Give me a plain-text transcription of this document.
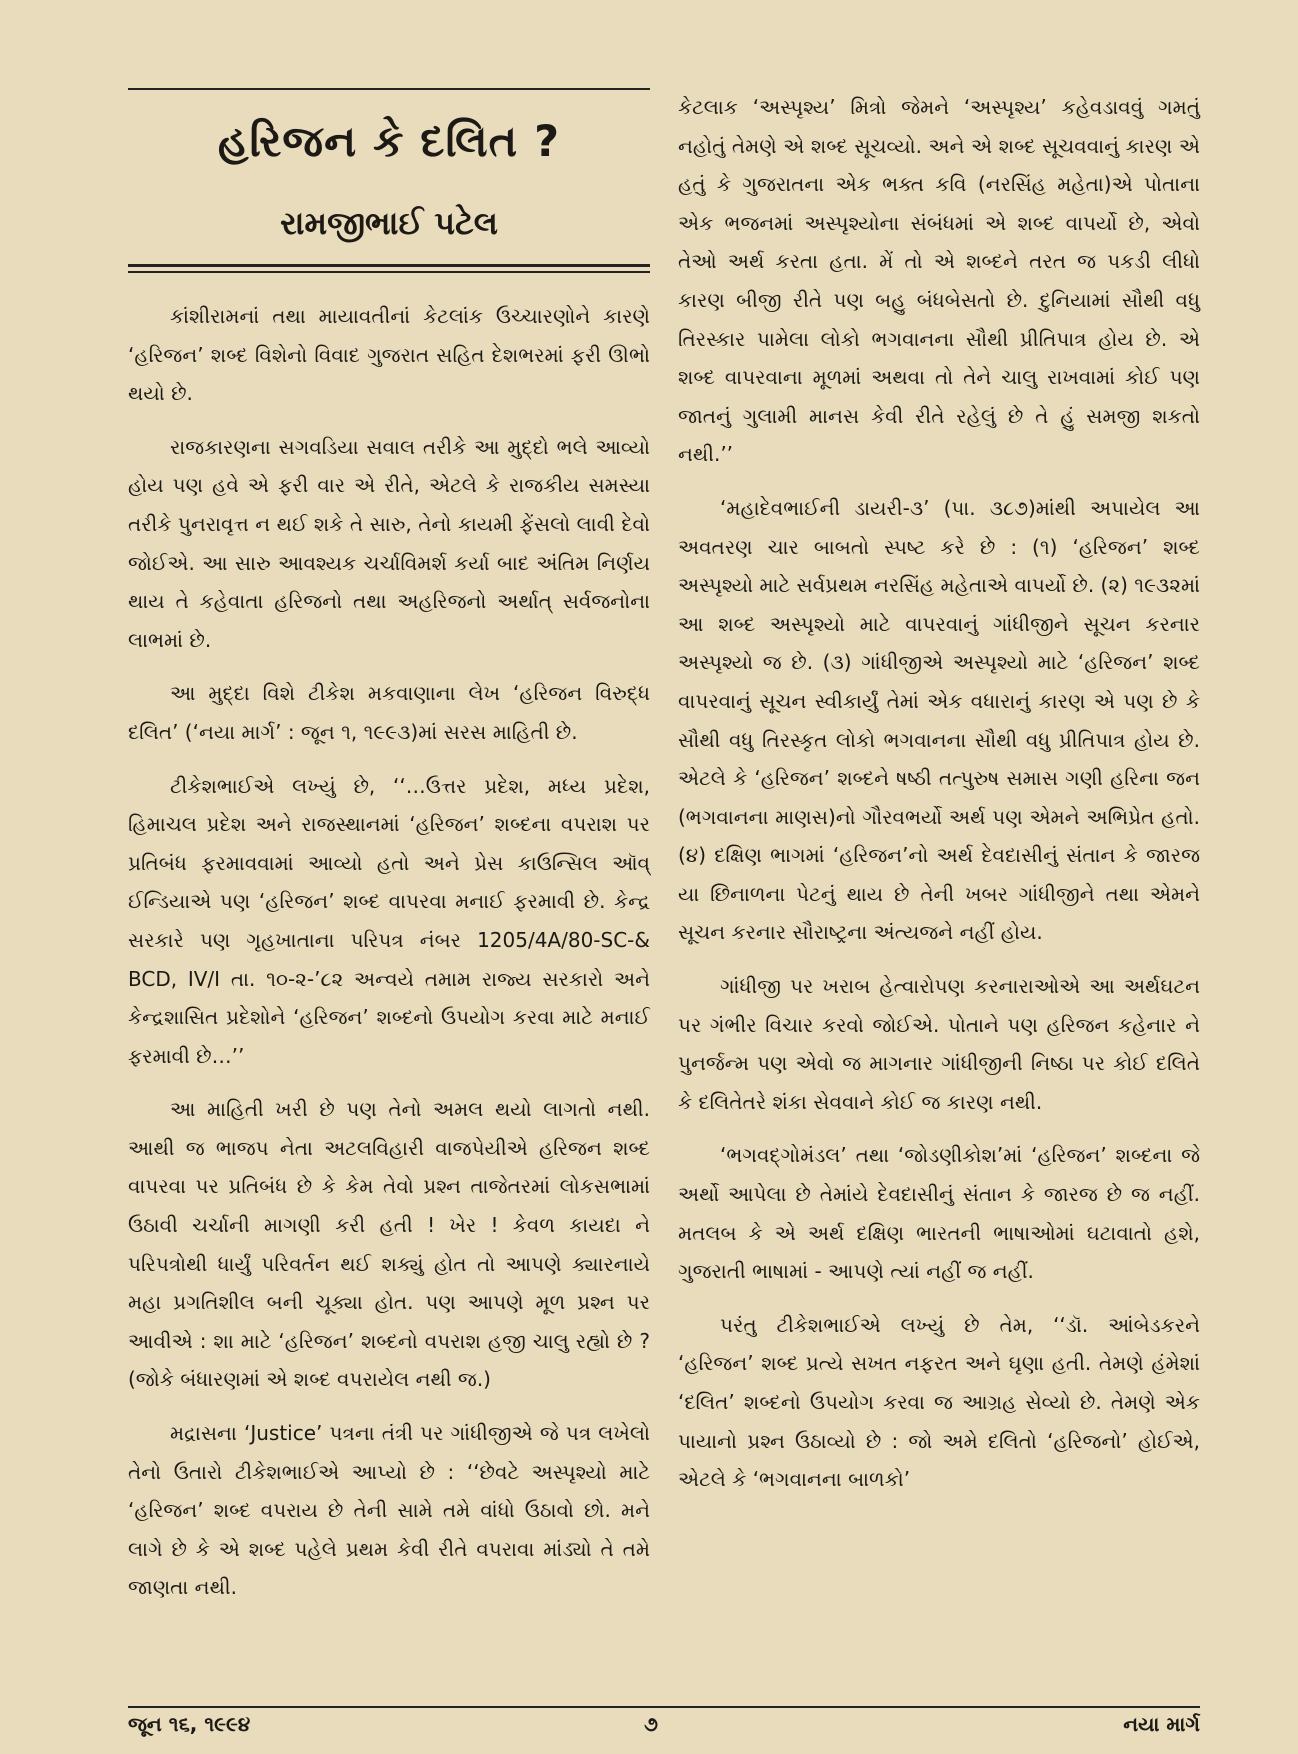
હરિજન કે દલિત ?
રામજીભાઈ પટેલ

કાંશીરામનાં તથા માયાવતીનાં કેટલાંક ઉચ્ચારણોને કારણે ‘હરિજન’ શબ્દ વિશેનો વિવાદ ગુજરાત સહિત દેશભરમાં ફરી ઊભો થયો છે.

રાજકારણના સગવડિયા સવાલ તરીકે આ મુદ્દો ભલે આવ્યો હોય પણ હવે એ ફરી વાર એ રીતે, એટલે કે રાજકીય સમસ્યા તરીકે પુનરાવૃત્ત ન થઈ શકે તે સારુ, તેનો કાયમી ફેંસલો લાવી દેવો જોઈએ. આ સારુ આવશ્યક ચર્ચાવિમર્શ કર્યા બાદ અંતિમ નિર્ણય થાય તે કહેવાતા હરિજનો તથા અહરિજનો અર્થાત્ સર્વજનોના લાભમાં છે.

આ મુદ્દા વિશે ટીકેશ મકવાણાના લેખ ‘હરિજન વિરુદ્ધ દલિત’ (‘નયા માર્ગ’ : જૂન ૧, ૧૯૯૩)માં સરસ માહિતી છે.

ટીકેશભાઈએ લખ્યું છે, ‘‘…ઉત્તર પ્રદેશ, મધ્ય પ્રદેશ, હિમાચલ પ્રદેશ અને રાજસ્થાનમાં ‘હરિજન’ શબ્દના વપરાશ પર પ્રતિબંધ ફરમાવવામાં આવ્યો હતો અને પ્રેસ કાઉન્સિલ ઑવ્ ઈન્ડિયાએ પણ ‘હરિજન’ શબ્દ વાપરવા મનાઈ ફરમાવી છે. કેન્દ્ર સરકારે પણ ગૃહખાતાના પરિપત્ર નંબર 1205/4A/80-SC-& BCD, IV/I તા. ૧૦-૨-’૮૨ અન્વયે તમામ રાજ્ય સરકારો અને કેન્દ્રશાસિત પ્રદેશોને ‘હરિજન’ શબ્દનો ઉપયોગ કરવા માટે મનાઈ ફરમાવી છે…’’

આ માહિતી ખરી છે પણ તેનો અમલ થયો લાગતો નથી. આથી જ ભાજપ નેતા અટલવિહારી વાજપેયીએ હરિજન શબ્દ વાપરવા પર પ્રતિબંધ છે કે કેમ તેવો પ્રશ્ન તાજેતરમાં લોકસભામાં ઉઠાવી ચર્ચાની માગણી કરી હતી ! ખેર ! કેવળ કાયદા ને પરિપત્રોથી ધાર્યું પરિવર્તન થઈ શક્યું હોત તો આપણે ક્યારનાયે મહા પ્રગતિશીલ બની ચૂક્યા હોત. પણ આપણે મૂળ પ્રશ્ન પર આવીએ : શા માટે ‘હરિજન’ શબ્દનો વપરાશ હજી ચાલુ રહ્યો છે ? (જોકે બંધારણમાં એ શબ્દ વપરાયેલ નથી જ.)

મદ્રાસના ‘Justice’ પત્રના તંત્રી પર ગાંધીજીએ જે પત્ર લખેલો તેનો ઉતારો ટીકેશભાઈએ આપ્યો છે : ‘‘છેવટે અસ્પૃશ્યો માટે ‘હરિજન’ શબ્દ વપરાય છે તેની સામે તમે વાંધો ઉઠાવો છો. મને લાગે છે કે એ શબ્દ પહેલે પ્રથમ કેવી રીતે વપરાવા માંડ્યો તે તમે જાણતા નથી.

કેટલાક ‘અસ્પૃશ્ય’ મિત્રો જેમને ‘અસ્પૃશ્ય’ કહેવડાવવું ગમતું નહોતું તેમણે એ શબ્દ સૂચવ્યો. અને એ શબ્દ સૂચવવાનું કારણ એ હતું કે ગુજરાતના એક ભક્ત કવિ (નરસિંહ મહેતા)એ પોતાના એક ભજનમાં અસ્પૃશ્યોના સંબંધમાં એ શબ્દ વાપર્યો છે, એવો તેઓ અર્થ કરતા હતા. મેં તો એ શબ્દને તરત જ પકડી લીધો કારણ બીજી રીતે પણ બહુ બંધબેસતો છે. દુનિયામાં સૌથી વધુ તિરસ્કાર પામેલા લોકો ભગવાનના સૌથી પ્રીતિપાત્ર હોય છે. એ શબ્દ વાપરવાના મૂળમાં અથવા તો તેને ચાલુ રાખવામાં કોઈ પણ જાતનું ગુલામી માનસ કેવી રીતે રહેલું છે તે હું સમજી શકતો નથી.’’

‘મહાદેવભાઈની ડાયરી-૩’ (પા. ૩૮૭)માંથી અપાયેલ આ અવતરણ ચાર બાબતો સ્પષ્ટ કરે છે : (૧) ‘હરિજન’ શબ્દ અસ્પૃશ્યો માટે સર્વપ્રથમ નરસિંહ મહેતાએ વાપર્યો છે. (૨) ૧૯૩૨માં આ શબ્દ અસ્પૃશ્યો માટે વાપરવાનું ગાંધીજીને સૂચન કરનાર અસ્પૃશ્યો જ છે. (૩) ગાંધીજીએ અસ્પૃશ્યો માટે ‘હરિજન’ શબ્દ વાપરવાનું સૂચન સ્વીકાર્યું તેમાં એક વધારાનું કારણ એ પણ છે કે સૌથી વધુ તિરસ્કૃત લોકો ભગવાનના સૌથી વધુ પ્રીતિપાત્ર હોય છે. એટલે કે ‘હરિજન’ શબ્દને ષષ્ઠી તત્પુરુષ સમાસ ગણી હરિના જન (ભગવાનના માણસ)નો ગૌરવભર્યો અર્થ પણ એમને અભિપ્રેત હતો. (૪) દક્ષિણ ભાગમાં ‘હરિજન’નો અર્થ દેવદાસીનું સંતાન કે જારજ યા છિનાળના પેટનું થાય છે તેની ખબર ગાંધીજીને તથા એમને સૂચન કરનાર સૌરાષ્ટ્રના અંત્યજને નહીં હોય.

ગાંધીજી પર ખરાબ હેત્વારોપણ કરનારાઓએ આ અર્થઘટન પર ગંભીર વિચાર કરવો જોઈએ. પોતાને પણ હરિજન કહેનાર ને પુનર્જન્મ પણ એવો જ માગનાર ગાંધીજીની નિષ્ઠા પર કોઈ દલિતે કે દલિતેતરે શંકા સેવવાને કોઈ જ કારણ નથી.

‘ભગવદ્‌ગોમંડલ’ તથા ‘જોડણીકોશ’માં ‘હરિજન’ શબ્દના જે અર્થો આપેલા છે તેમાંયે દેવદાસીનું સંતાન કે જારજ છે જ નહીં. મતલબ કે એ અર્થ દક્ષિણ ભારતની ભાષાઓમાં ઘટાવાતો હશે, ગુજરાતી ભાષામાં - આપણે ત્યાં નહીં જ નહીં.

પરંતુ ટીકેશભાઈએ લખ્યું છે તેમ, ‘‘ડૉ. આંબેડકરને ‘હરિજન’ શબ્દ પ્રત્યે સખત નફરત અને ઘૃણા હતી. તેમણે હંમેશાં ‘દલિત’ શબ્દનો ઉપયોગ કરવા જ આગ્રહ સેવ્યો છે. તેમણે એક પાયાનો પ્રશ્ન ઉઠાવ્યો છે : જો અમે દલિતો ‘હરિજનો’ હોઈએ, એટલે કે ‘ભગવાનના બાળકો’

જૂન ૧૬, ૧૯૯૪	૭	નયા માર્ગ
